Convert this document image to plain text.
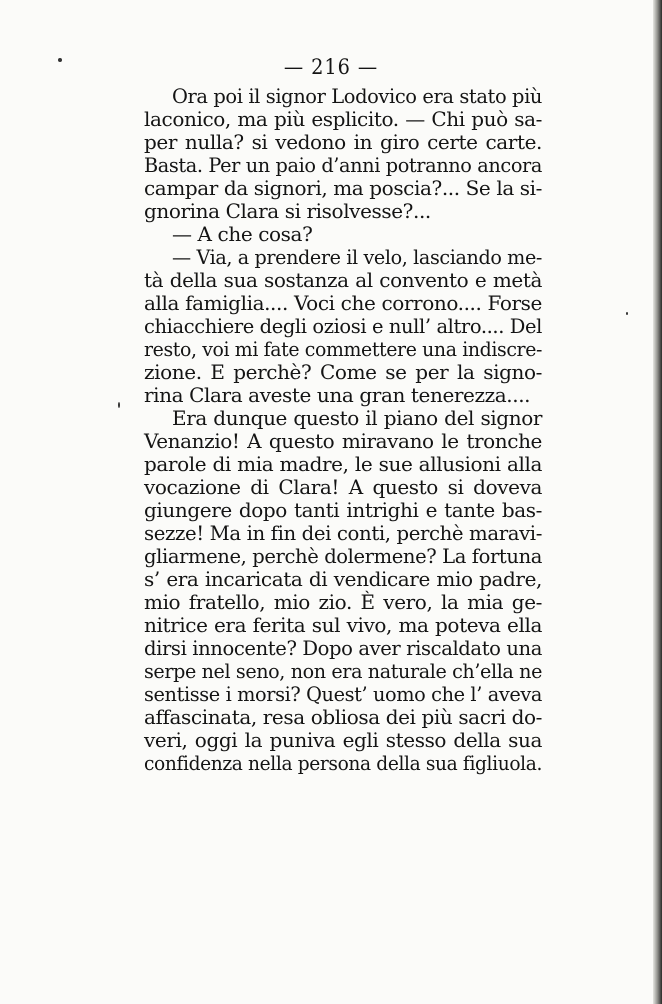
— 216 —
Ora poi il signor Lodovico era stato più
laconico, ma più esplicito. — Chi può sa-
per nulla? si vedono in giro certe carte.
Basta. Per un paio d’anni potranno ancora
campar da signori, ma poscia?... Se la si-
gnorina Clara si risolvesse?...
— A che cosa?
— Via, a prendere il velo, lasciando me-
tà della sua sostanza al convento e metà
alla famiglia.... Voci che corrono.... Forse
chiacchiere degli oziosi e null’ altro.... Del
resto, voi mi fate commettere una indiscre-
zione. E perchè? Come se per la signo-
rina Clara aveste una gran tenerezza....
Era dunque questo il piano del signor
Venanzio! A questo miravano le tronche
parole di mia madre, le sue allusioni alla
vocazione di Clara! A questo si doveva
giungere dopo tanti intrighi e tante bas-
sezze! Ma in fin dei conti, perchè maravi-
gliarmene, perchè dolermene? La fortuna
s’ era incaricata di vendicare mio padre,
mio fratello, mio zio. È vero, la mia ge-
nitrice era ferita sul vivo, ma poteva ella
dirsi innocente? Dopo aver riscaldato una
serpe nel seno, non era naturale ch’ella ne
sentisse i morsi? Quest’ uomo che l’ aveva
affascinata, resa obliosa dei più sacri do-
veri, oggi la puniva egli stesso della sua
confidenza nella persona della sua figliuola.
